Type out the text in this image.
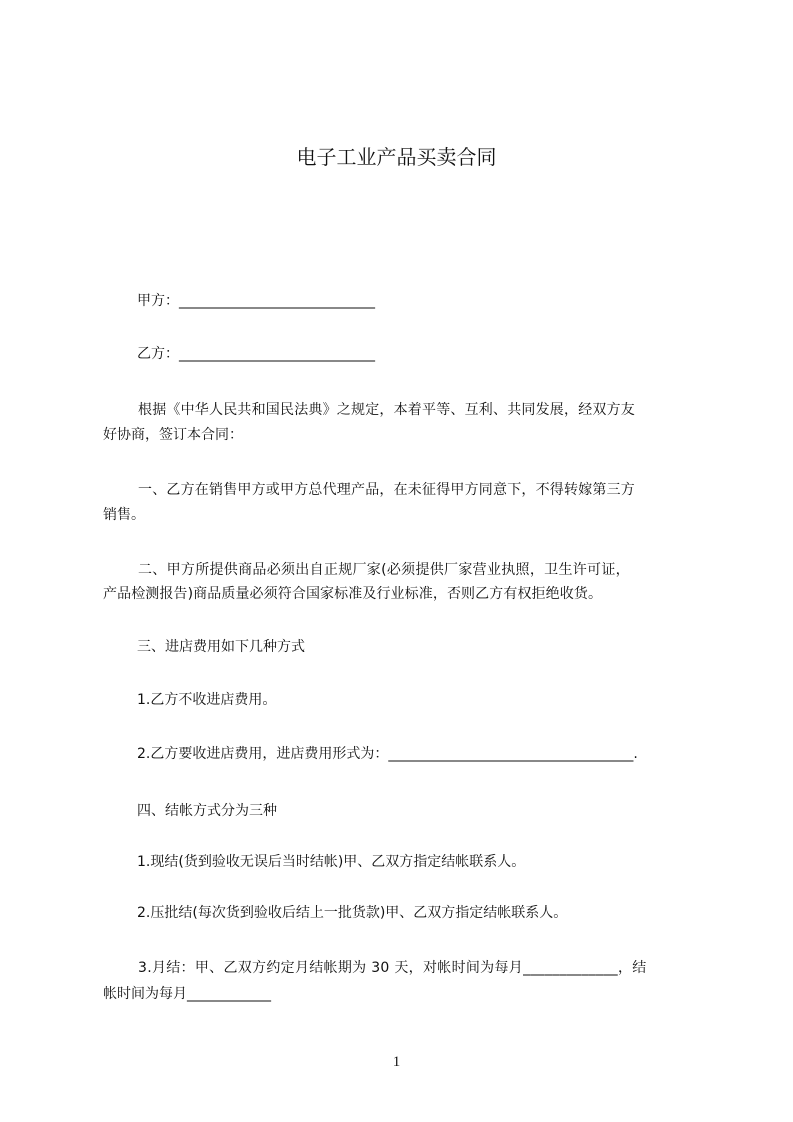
电子工业产品买卖合同
甲方：____________________________
乙方：____________________________
根据《中华人民共和国民法典》之规定，本着平等、互利、共同发展，经双方友
好协商，签订本合同：
一、乙方在销售甲方或甲方总代理产品，在未征得甲方同意下，不得转嫁第三方
销售。
二、甲方所提供商品必须出自正规厂家(必须提供厂家营业执照，卫生许可证，
产品检测报告)商品质量必须符合国家标准及行业标准，否则乙方有权拒绝收货。
三、进店费用如下几种方式
1.乙方不收进店费用。
2.乙方要收进店费用，进店费用形式为：___________________________________.
四、结帐方式分为三种
1.现结(货到验收无误后当时结帐)甲、乙双方指定结帐联系人。
2.压批结(每次货到验收后结上一批货款)甲、乙双方指定结帐联系人。
3.月结：甲、乙双方约定月结帐期为 30 天，对帐时间为每月_____________，结
帐时间为每月____________
1
